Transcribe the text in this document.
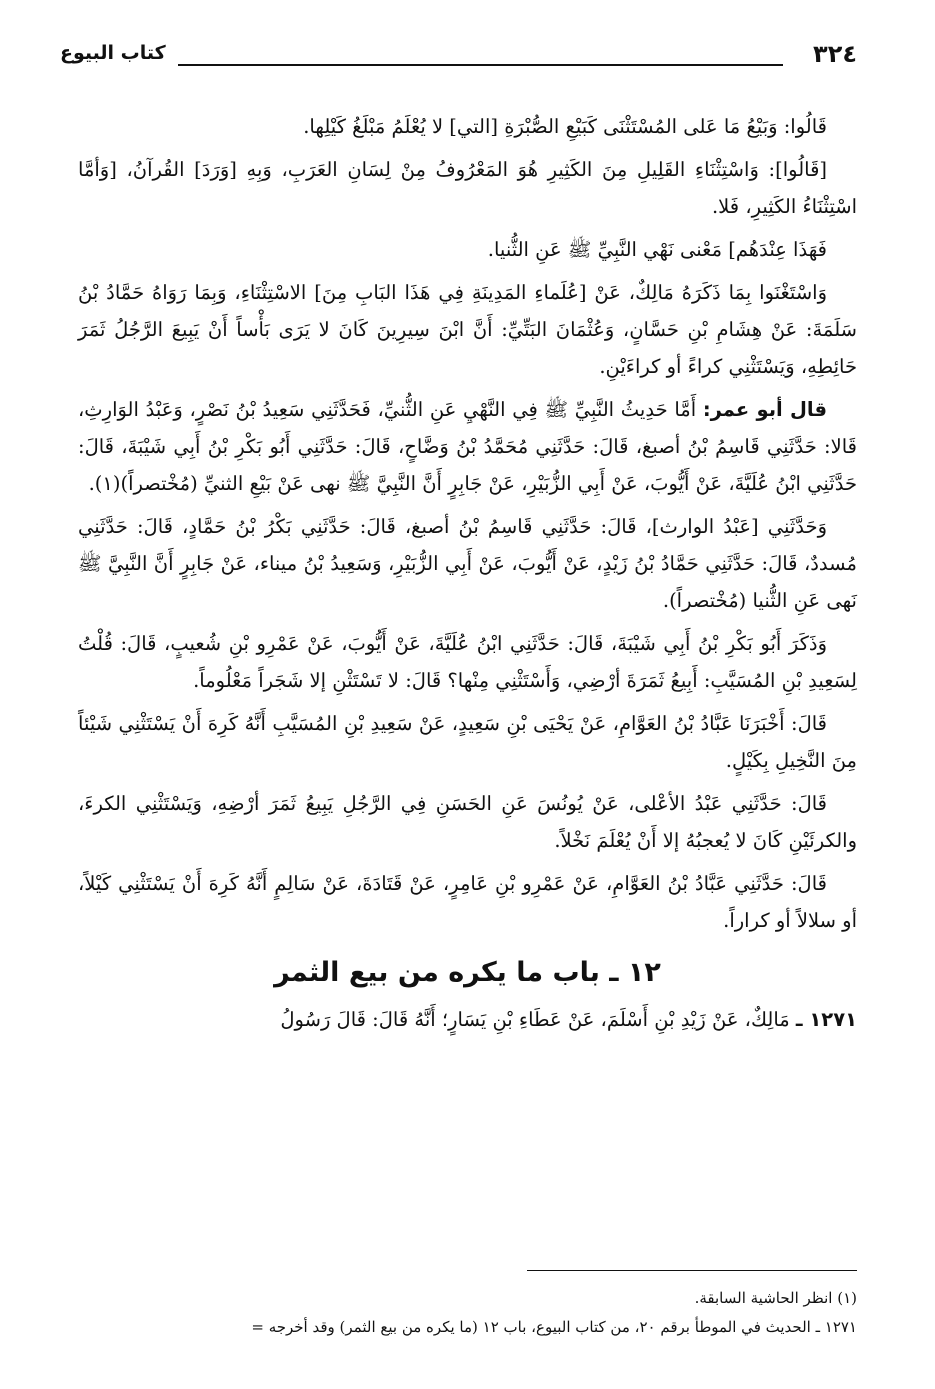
٣٢٤
كتاب البيوع

قَالُوا: وَبَيْعُ مَا عَلى المُسْتَثْنَى كَبَيْعِ الصُّبْرَةِ [التي] لا يُعْلَمُ مَبْلَغُ كَيْلِها.

[قَالُوا]: وَاسْتِثْنَاءِ القَلِيلِ مِنَ الكَثِيرِ هُوَ المَعْرُوفُ مِنْ لِسَانِ العَرَبِ، وَبِهِ [وَرَدَ] القُرآنُ، [وَأمَّا اسْتِثْنَاءُ الكَثِيرِ، فَلا.

فَهَذَا عِنْدَهُم] مَعْنى نَهْي النَّبِيِّ ﷺ عَنِ الثُّنيا.

وَاسْتَغْنَوا بِمَا ذَكَرَهُ مَالِكٌ، عَنْ [عُلَماءِ المَدِينَةِ فِي هَذَا البَابِ مِنَ] الاسْتِثْنَاءِ، وَبِمَا رَوَاهُ حَمَّادُ بْنُ سَلَمَةَ: عَنْ هِشَامِ بْنِ حَسَّانٍ، وَعُثْمَانَ البَتِّيِّ: أَنَّ ابْنَ سِيرِينَ كَانَ لا يَرَى بَأْساً أَنْ يَبِيعَ الرَّجُلُ ثَمَرَ حَائِطِهِ، وَيَسْتَثْنِي كراءً أو كراءَيْنِ.

قال أبو عمر: أَمَّا حَدِيثُ النَّبِيِّ ﷺ فِي النَّهْيِ عَنِ الثُّنيِّ، فَحَدَّثَنِي سَعِيدُ بْنُ نَصْرٍ، وَعَبْدُ الوَارِثِ، قَالا: حَدَّثَنِي قَاسِمُ بْنُ أصبغ، قَالَ: حَدَّثَنِي مُحَمَّدُ بْنُ وَضَّاحٍ، قَالَ: حَدَّثَنِي أَبُو بَكْرِ بْنُ أَبِي شَيْبَةَ، قَالَ: حَدَّثَنِي ابْنُ عُلَيَّةَ، عَنْ أَيُّوبَ، عَنْ أَبِي الزُّبَيْرِ، عَنْ جَابِرٍ أَنَّ النَّبِيَّ ﷺ نهى عَنْ بَيْعِ الثنيِّ (مُخْتصراً)(١).

وَحَدَّثَنِي [عَبْدُ الوارث]، قَالَ: حَدَّثَنِي قَاسِمُ بْنُ أصبغ، قَالَ: حَدَّثَنِي بَكْرُ بْنُ حَمَّادٍ، قَالَ: حَدَّثَنِي مُسددٌ، قَالَ: حَدَّثَنِي حَمَّادُ بْنُ زَيْدٍ، عَنْ أَيُّوبَ، عَنْ أَبِي الزُّبَيْرِ، وَسَعِيدُ بْنُ ميناء، عَنْ جَابِرٍ أَنَّ النَّبِيَّ ﷺ نَهى عَنِ الثُّنيا (مُخْتصراً).

وَذَكَرَ أَبُو بَكْرِ بْنُ أَبِي شَيْبَةَ، قَالَ: حَدَّثَنِي ابْنُ عُلَيَّةَ، عَنْ أَيُّوبَ، عَنْ عَمْرِو بْنِ شُعيبٍ، قَالَ: قُلْتُ لِسَعِيدِ بْنِ المُسَيَّبِ: أَبِيعُ ثَمَرَةَ أرْضِي، وَأَسْتَثْنِي مِنْها؟ قَالَ: لا تَسْتَثْنِ إلا شَجَراً مَعْلُوماً.

قَالَ: أَخْبَرَنَا عَبَّادُ بْنُ العَوَّامِ، عَنْ يَحْيَى بْنِ سَعِيدٍ، عَنْ سَعِيدِ بْنِ المُسَيَّبِ أَنَّهُ كَرِهَ أَنْ يَسْتَثْنِي شَيْئاً مِنَ النَّخِيلِ بِكَيْلٍ.

قَالَ: حَدَّثَنِي عَبْدُ الأعْلى، عَنْ يُونُسَ عَنِ الحَسَنِ فِي الرَّجُلِ يَبِيعُ ثَمَرَ أرْضِهِ، وَيَسْتَثْنِي الكرءَ، والكرئَيْنِ كَانَ لا يُعجبُهُ إلا أَنْ يُعْلَمَ نَخْلاً.

قَالَ: حَدَّثَنِي عَبَّادُ بْنُ العَوَّامِ، عَنْ عَمْرِو بْنِ عَامِرٍ، عَنْ قَتَادَةَ، عَنْ سَالِمٍ أَنَّهُ كَرِهَ أَنْ يَسْتَثْنِي كَيْلاً، أو سلالاً أو كراراً.

١٢ ـ باب ما يكره من بيع الثمر

١٢٧١ ـ مَالِكٌ، عَنْ زَيْدِ بْنِ أَسْلَمَ، عَنْ عَطَاءِ بْنِ يَسَارٍ؛ أَنَّهُ قَالَ: قَالَ رَسُولُ

(١) انظر الحاشية السابقة.

١٢٧١ ـ الحديث في الموطأ برقم ٢٠، من كتاب البيوع، باب ١٢ (ما يكره من بيع الثمر) وقد أخرجه =
